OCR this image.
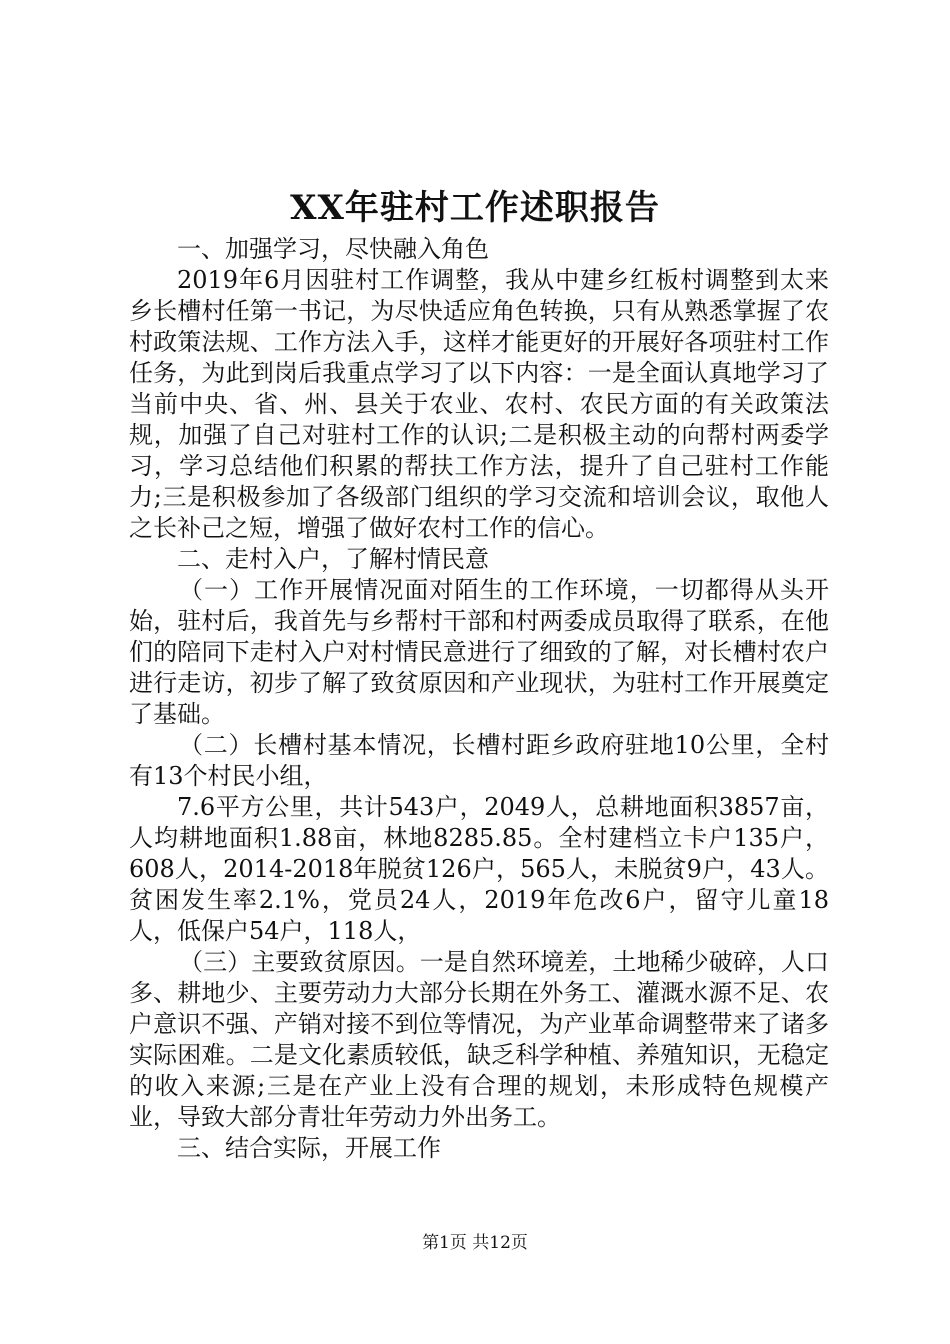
XX年驻村工作述职报告

一、加强学习，尽快融入角色

2019年6月因驻村工作调整，我从中建乡红板村调整到太来乡长槽村任第一书记，为尽快适应角色转换，只有从熟悉掌握了农村政策法规、工作方法入手，这样才能更好的开展好各项驻村工作任务，为此到岗后我重点学习了以下内容：一是全面认真地学习了当前中央、省、州、县关于农业、农村、农民方面的有关政策法规，加强了自己对驻村工作的认识;二是积极主动的向帮村两委学习，学习总结他们积累的帮扶工作方法，提升了自己驻村工作能力;三是积极参加了各级部门组织的学习交流和培训会议，取他人之长补己之短，增强了做好农村工作的信心。

二、走村入户，了解村情民意

（一）工作开展情况面对陌生的工作环境，一切都得从头开始，驻村后，我首先与乡帮村干部和村两委成员取得了联系，在他们的陪同下走村入户对村情民意进行了细致的了解，对长槽村农户进行走访，初步了解了致贫原因和产业现状，为驻村工作开展奠定了基础。

（二）长槽村基本情况，长槽村距乡政府驻地10公里，全村有13个村民小组，

7.6平方公里，共计543户，2049人，总耕地面积3857亩，人均耕地面积1.88亩，林地8285.85。全村建档立卡户135户，608人，2014-2018年脱贫126户，565人，未脱贫9户，43人。贫困发生率2.1%，党员24人，2019年危改6户，留守儿童18人，低保户54户，118人，

（三）主要致贫原因。一是自然环境差，土地稀少破碎，人口多、耕地少、主要劳动力大部分长期在外务工、灌溉水源不足、农户意识不强、产销对接不到位等情况，为产业革命调整带来了诸多实际困难。二是文化素质较低，缺乏科学种植、养殖知识，无稳定的收入来源;三是在产业上没有合理的规划，未形成特色规模产业，导致大部分青壮年劳动力外出务工。

三、结合实际，开展工作

第1页 共12页
